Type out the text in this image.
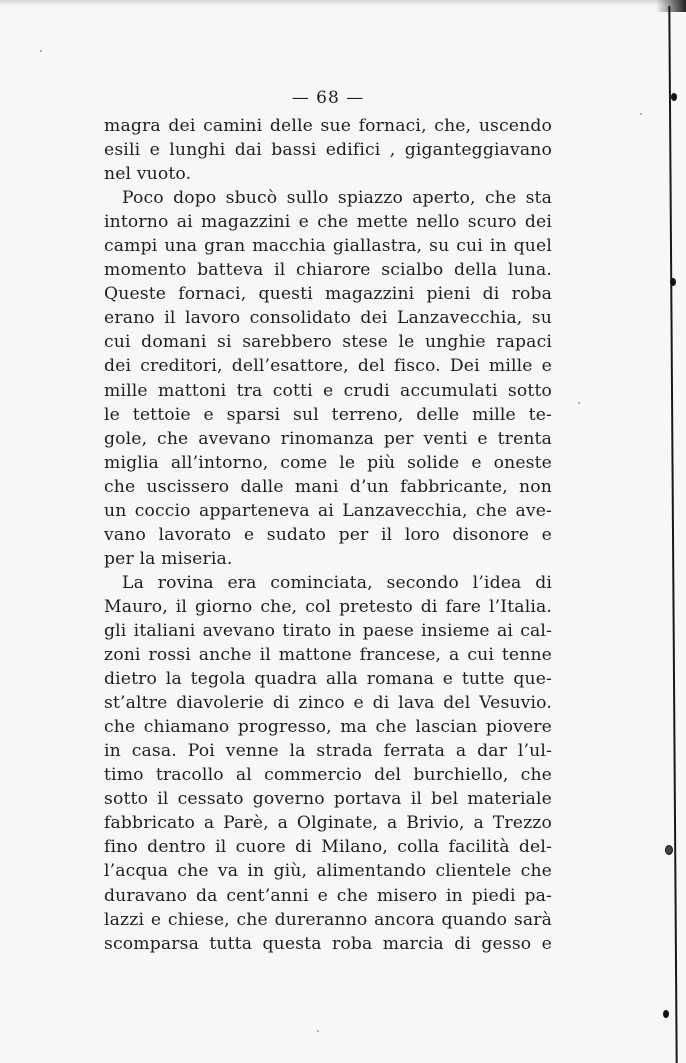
— 68 —
magra dei camini delle sue fornaci, che, uscendo
esili e lunghi dai bassi edifici , giganteggiavano
nel vuoto.
Poco dopo sbucò sullo spiazzo aperto, che sta
intorno ai magazzini e che mette nello scuro dei
campi una gran macchia giallastra, su cui in quel
momento batteva il chiarore scialbo della luna.
Queste fornaci, questi magazzini pieni di roba
erano il lavoro consolidato dei Lanzavecchia, su
cui domani si sarebbero stese le unghie rapaci
dei creditori, dell’esattore, del fisco. Dei mille e
mille mattoni tra cotti e crudi accumulati sotto
le tettoie e sparsi sul terreno, delle mille te-
gole, che avevano rinomanza per venti e trenta
miglia all’intorno, come le più solide e oneste
che uscissero dalle mani d’un fabbricante, non
un coccio apparteneva ai Lanzavecchia, che ave-
vano lavorato e sudato per il loro disonore e
per la miseria.
La rovina era cominciata, secondo l’idea di
Mauro, il giorno che, col pretesto di fare l’Italia.
gli italiani avevano tirato in paese insieme ai cal-
zoni rossi anche il mattone francese, a cui tenne
dietro la tegola quadra alla romana e tutte que-
st’altre diavolerie di zinco e di lava del Vesuvio.
che chiamano progresso, ma che lascian piovere
in casa. Poi venne la strada ferrata a dar l’ul-
timo tracollo al commercio del burchiello, che
sotto il cessato governo portava il bel materiale
fabbricato a Parè, a Olginate, a Brivio, a Trezzo
fino dentro il cuore di Milano, colla facilità del-
l’acqua che va in giù, alimentando clientele che
duravano da cent’anni e che misero in piedi pa-
lazzi e chiese, che dureranno ancora quando sarà
scomparsa tutta questa roba marcia di gesso e
